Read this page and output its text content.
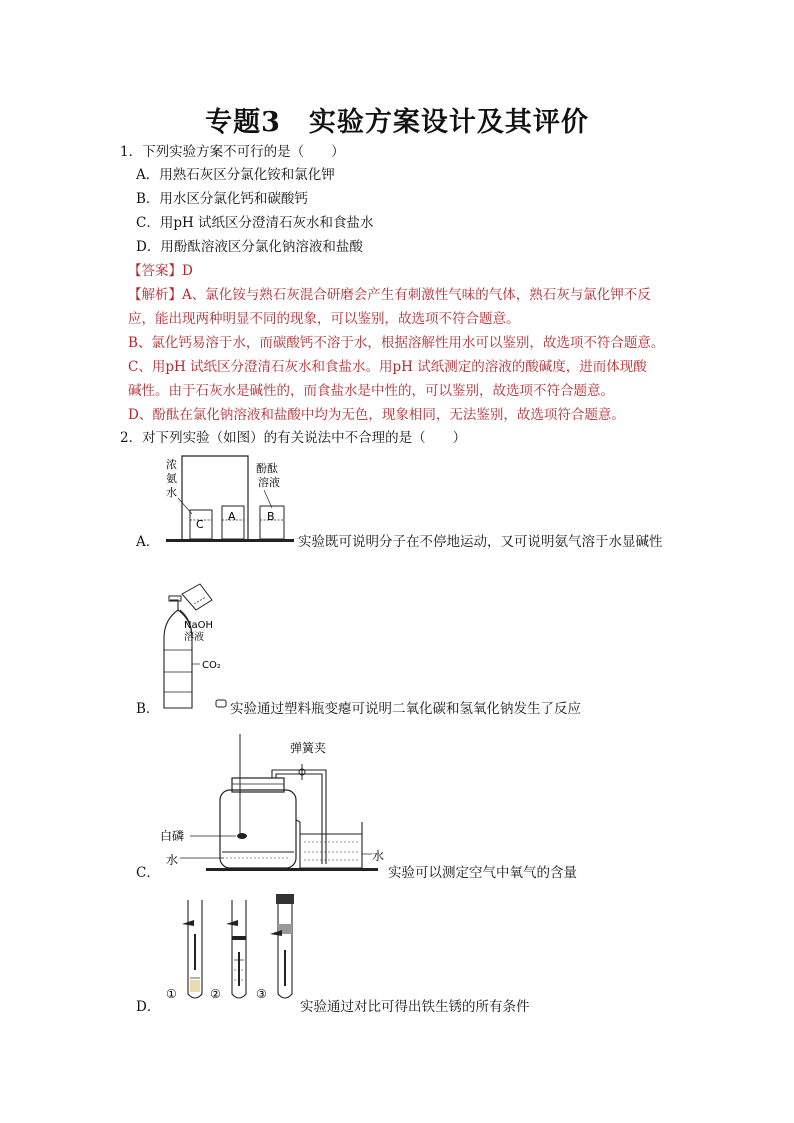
专题3　实验方案设计及其评价
1．下列实验方案不可行的是（　　）
A．用熟石灰区分氯化铵和氯化钾
B．用水区分氯化钙和碳酸钙
C．用pH 试纸区分澄清石灰水和食盐水
D．用酚酞溶液区分氯化钠溶液和盐酸
【答案】D
【解析】A、氯化铵与熟石灰混合研磨会产生有刺激性气味的气体，熟石灰与氯化钾不反
应，能出现两种明显不同的现象，可以鉴别，故选项不符合题意。
B、氯化钙易溶于水，而碳酸钙不溶于水，根据溶解性用水可以鉴别，故选项不符合题意。
C、用pH 试纸区分澄清石灰水和食盐水。用pH 试纸测定的溶液的酸碱度，进而体现酸
碱性。由于石灰水是碱性的，而食盐水是中性的，可以鉴别，故选项不符合题意。
D、酚酞在氯化钠溶液和盐酸中均为无色，现象相同，无法鉴别，故选项符合题意。
2．对下列实验（如图）的有关说法中不合理的是（　　）
A．
C
A	B
浓
氨
水
酚酞
溶液
实验既可说明分子在不停地运动，又可说明氨气溶于水显碱性
B．
NaOH
溶液
CO₂
实验通过塑料瓶变瘪可说明二氧化碳和氢氧化钠发生了反应
C．
弹簧夹
白磷
水	水
实验可以测定空气中氧气的含量
D．
①	②	③
实验通过对比可得出铁生锈的所有条件
